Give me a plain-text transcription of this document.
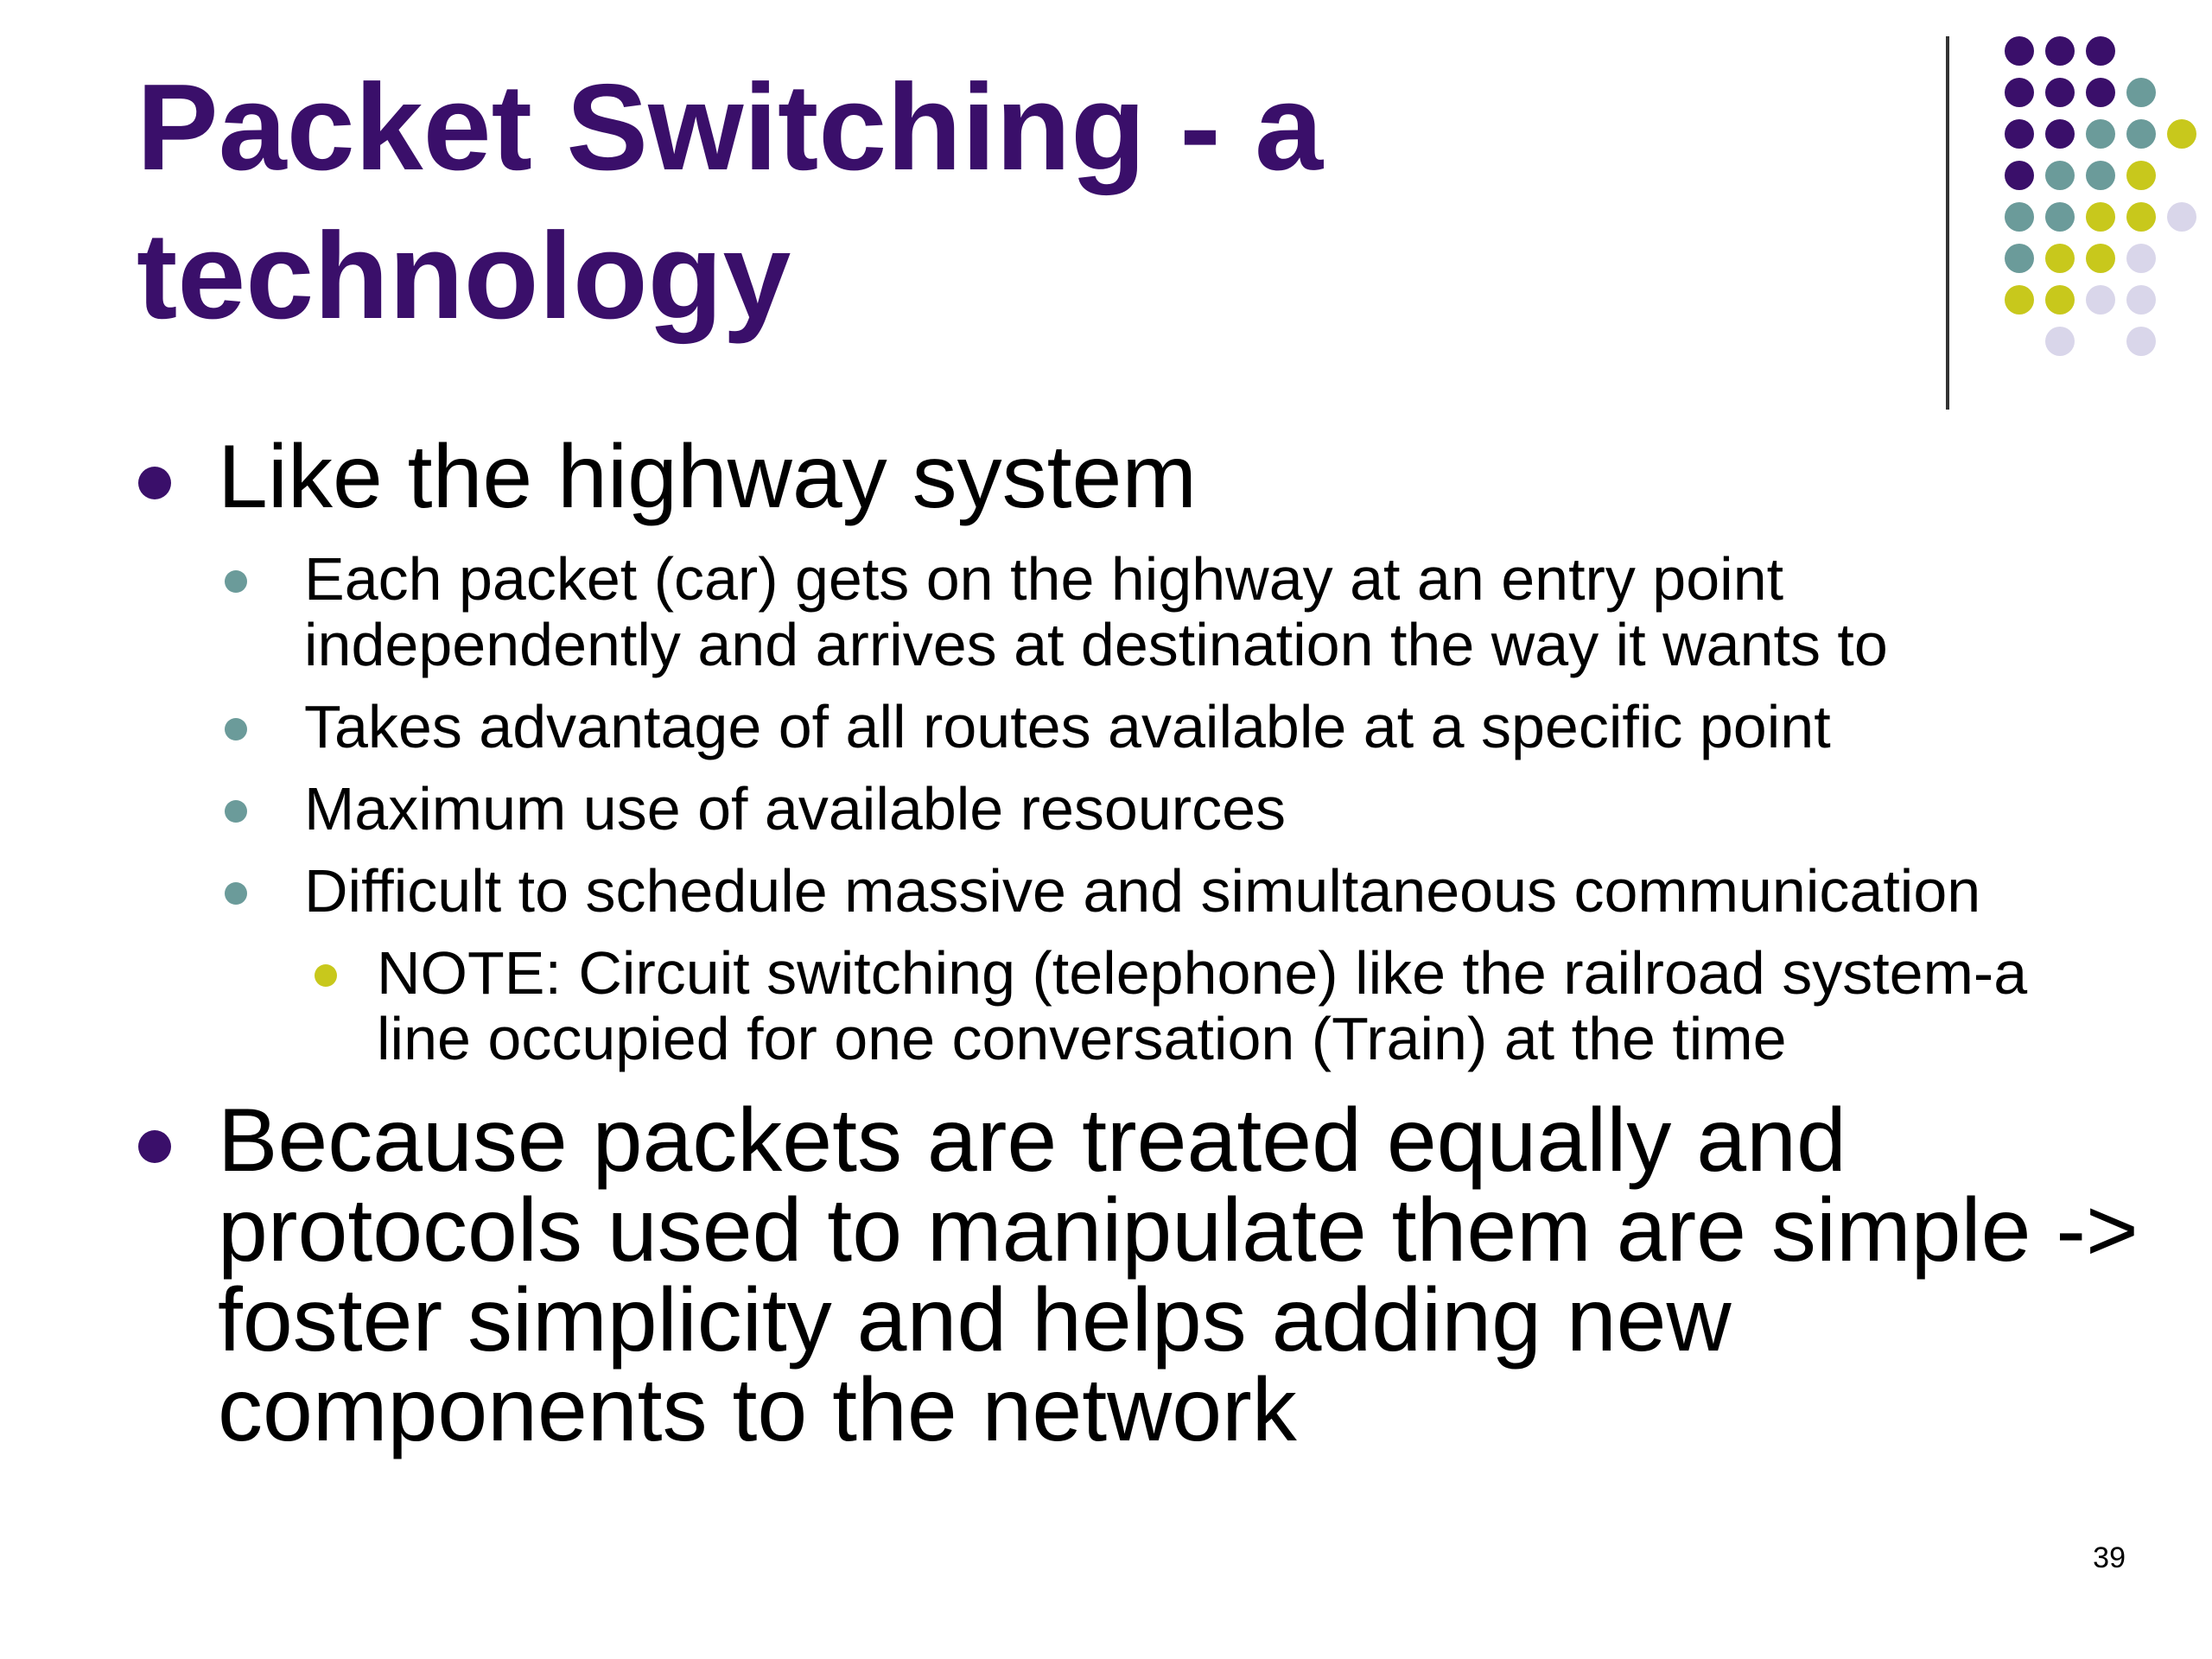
Packet Switching - a
technology
Like the highway system
Each packet (car) gets on the highway at an entry point independently and arrives at destination the way it wants to
Takes advantage of all routes available at a specific point
Maximum use of available resources
Difficult to schedule massive and simultaneous communication
NOTE: Circuit switching (telephone) like the railroad system-a line occupied for one conversation (Train) at the time
Because packets are treated equally and protocols used to manipulate them are simple -> foster simplicity and helps adding new components to the network
39
